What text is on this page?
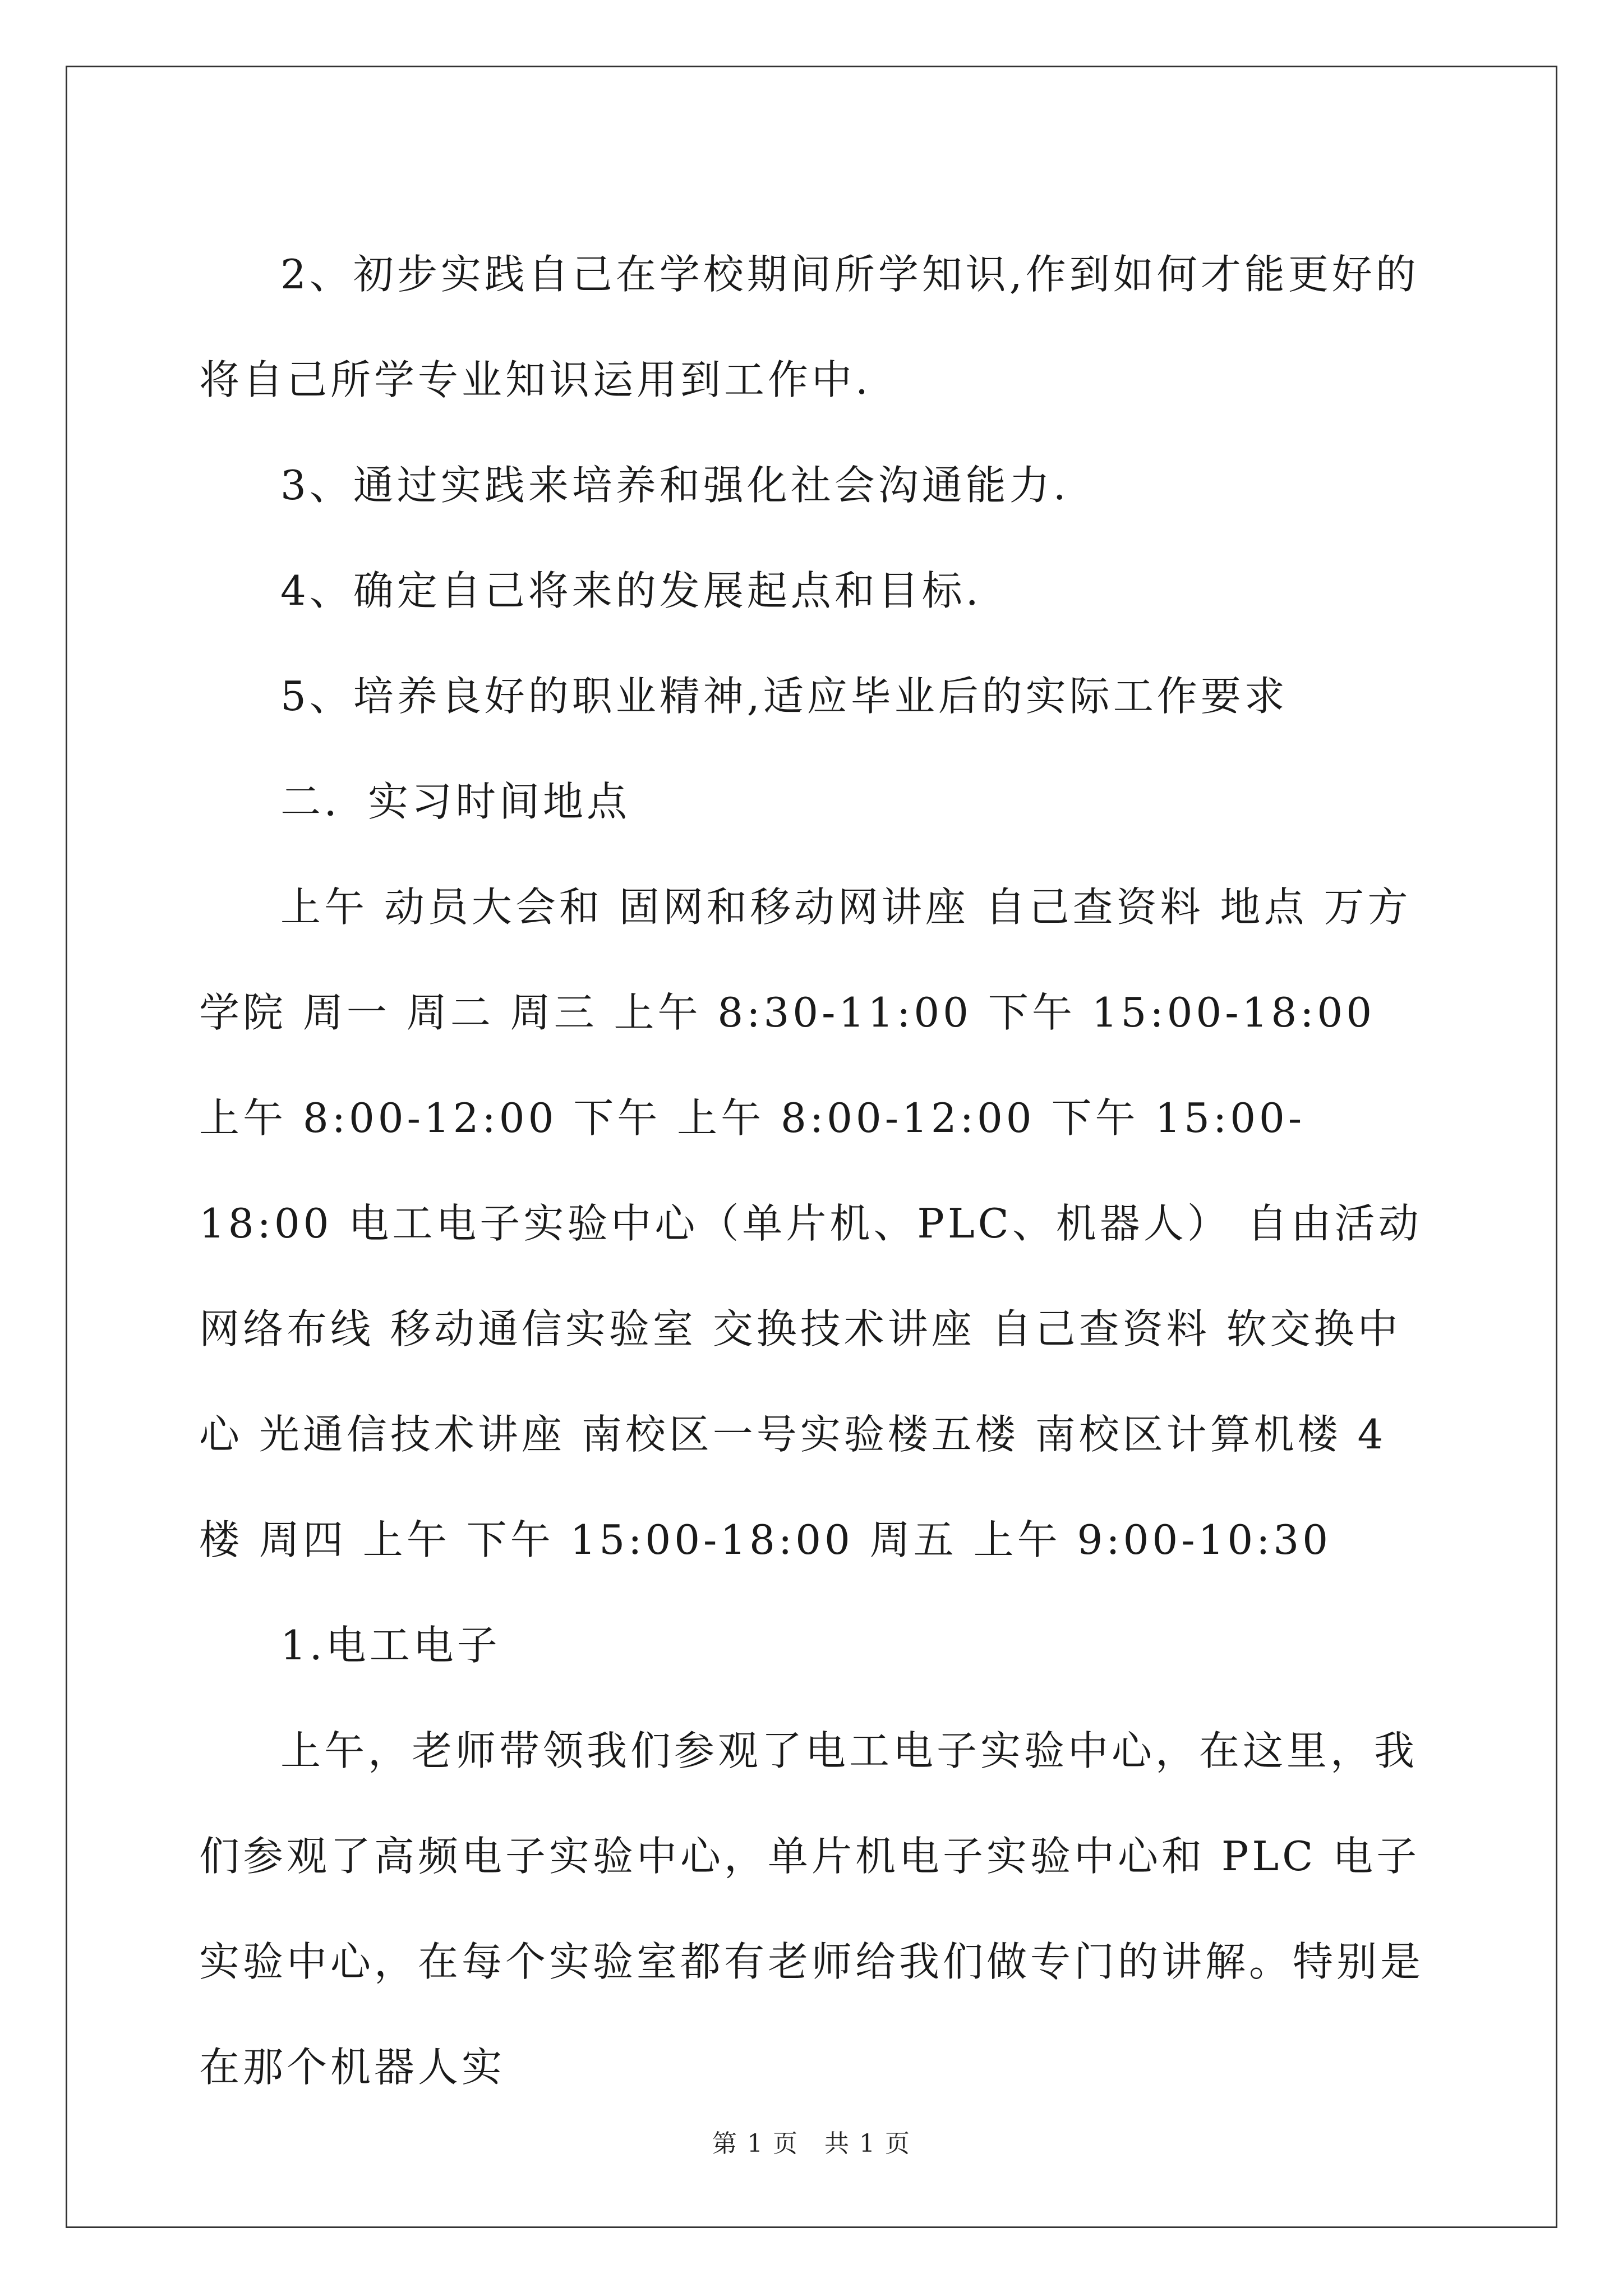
2、初步实践自己在学校期间所学知识,作到如何才能更好的将自己所学专业知识运用到工作中.

3、通过实践来培养和强化社会沟通能力.

4、确定自己将来的发展起点和目标.

5、培养良好的职业精神,适应毕业后的实际工作要求

二．实习时间地点

上午 动员大会和 固网和移动网讲座 自己查资料 地点 万方学院 周一 周二 周三 上午 8:30-11:00 下午 15:00-18:00 上午 8:00-12:00 下午 上午 8:00-12:00 下午 15:00-18:00 电工电子实验中心（单片机、PLC、机器人） 自由活动 网络布线 移动通信实验室 交换技术讲座 自己查资料 软交换中心 光通信技术讲座 南校区一号实验楼五楼 南校区计算机楼 4 楼 周四 上午 下午 15:00-18:00 周五 上午 9:00-10:30

1.电工电子

上午，老师带领我们参观了电工电子实验中心，在这里，我们参观了高频电子实验中心，单片机电子实验中心和 PLC 电子实验中心，在每个实验室都有老师给我们做专门的讲解。特别是在那个机器人实

第 1 页　共 1 页
